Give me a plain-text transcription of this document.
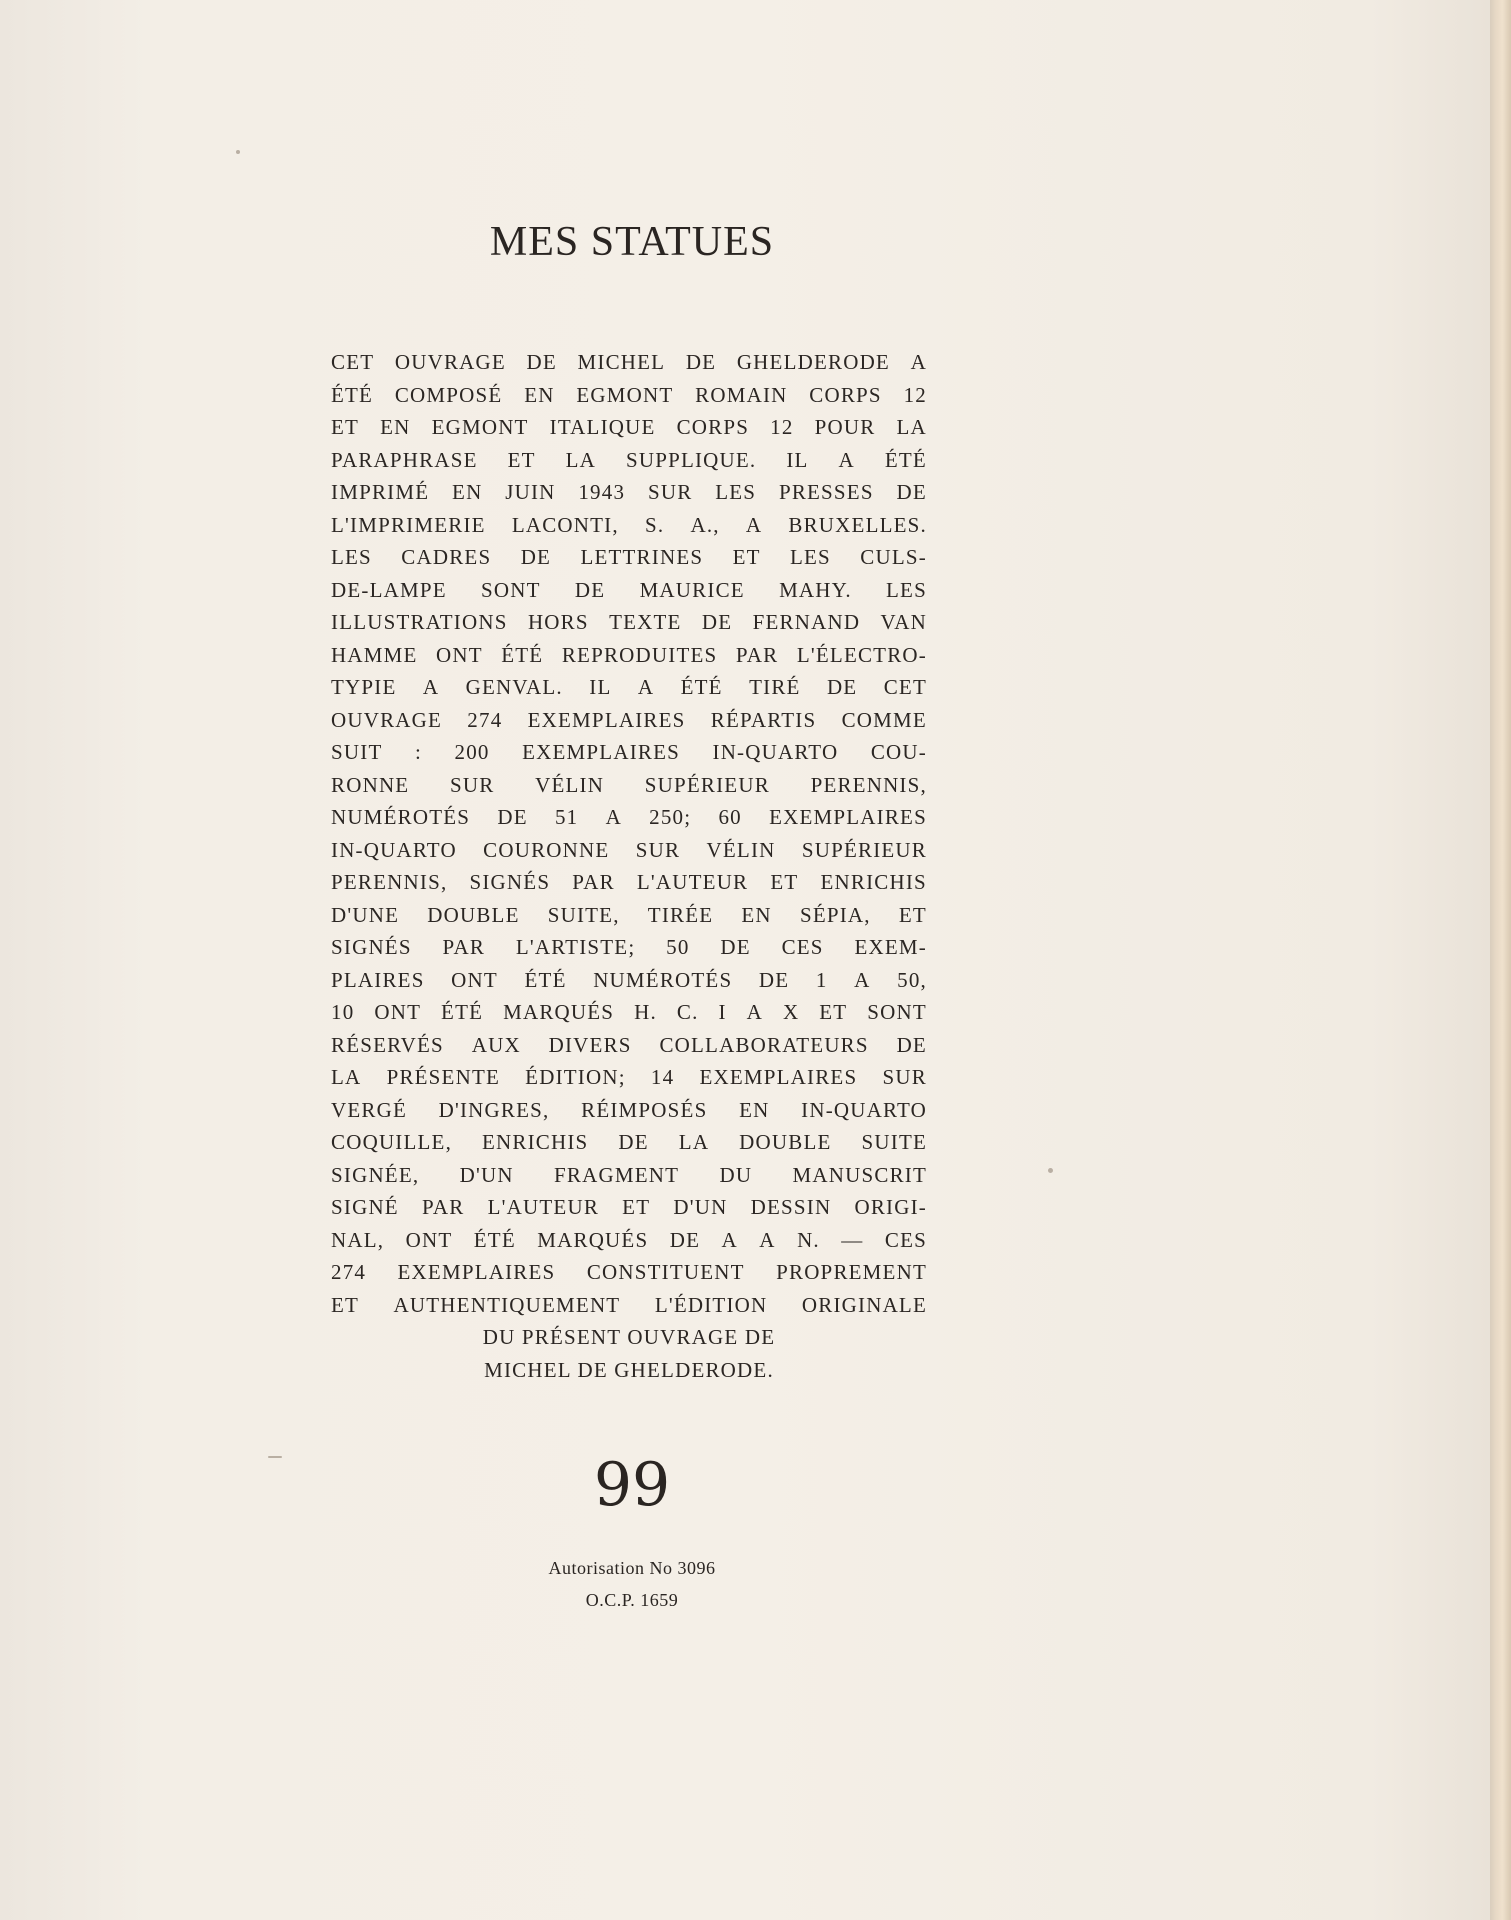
MES STATUES
CET OUVRAGE DE MICHEL DE GHELDERODE A
ÉTÉ COMPOSÉ EN EGMONT ROMAIN CORPS 12
ET EN EGMONT ITALIQUE CORPS 12 POUR LA
PARAPHRASE ET LA SUPPLIQUE. IL A ÉTÉ
IMPRIMÉ EN JUIN 1943 SUR LES PRESSES DE
L'IMPRIMERIE LACONTI, S. A., A BRUXELLES.
LES CADRES DE LETTRINES ET LES CULS-
DE-LAMPE SONT DE MAURICE MAHY. LES
ILLUSTRATIONS HORS TEXTE DE FERNAND VAN
HAMME ONT ÉTÉ REPRODUITES PAR L'ÉLECTRO-
TYPIE A GENVAL. IL A ÉTÉ TIRÉ DE CET
OUVRAGE 274 EXEMPLAIRES RÉPARTIS COMME
SUIT : 200 EXEMPLAIRES IN-QUARTO COU-
RONNE SUR VÉLIN SUPÉRIEUR PERENNIS,
NUMÉROTÉS DE 51 A 250; 60 EXEMPLAIRES
IN-QUARTO COURONNE SUR VÉLIN SUPÉRIEUR
PERENNIS, SIGNÉS PAR L'AUTEUR ET ENRICHIS
D'UNE DOUBLE SUITE, TIRÉE EN SÉPIA, ET
SIGNÉS PAR L'ARTISTE; 50 DE CES EXEM-
PLAIRES ONT ÉTÉ NUMÉROTÉS DE 1 A 50,
10 ONT ÉTÉ MARQUÉS H. C. I A X ET SONT
RÉSERVÉS AUX DIVERS COLLABORATEURS DE
LA PRÉSENTE ÉDITION; 14 EXEMPLAIRES SUR
VERGÉ D'INGRES, RÉIMPOSÉS EN IN-QUARTO
COQUILLE, ENRICHIS DE LA DOUBLE SUITE
SIGNÉE, D'UN FRAGMENT DU MANUSCRIT
SIGNÉ PAR L'AUTEUR ET D'UN DESSIN ORIGI-
NAL, ONT ÉTÉ MARQUÉS DE A A N. — CES
274 EXEMPLAIRES CONSTITUENT PROPREMENT
ET AUTHENTIQUEMENT L'ÉDITION ORIGINALE
DU PRÉSENT OUVRAGE DE
MICHEL DE GHELDERODE.
99
Autorisation No 3096
O.C.P. 1659
